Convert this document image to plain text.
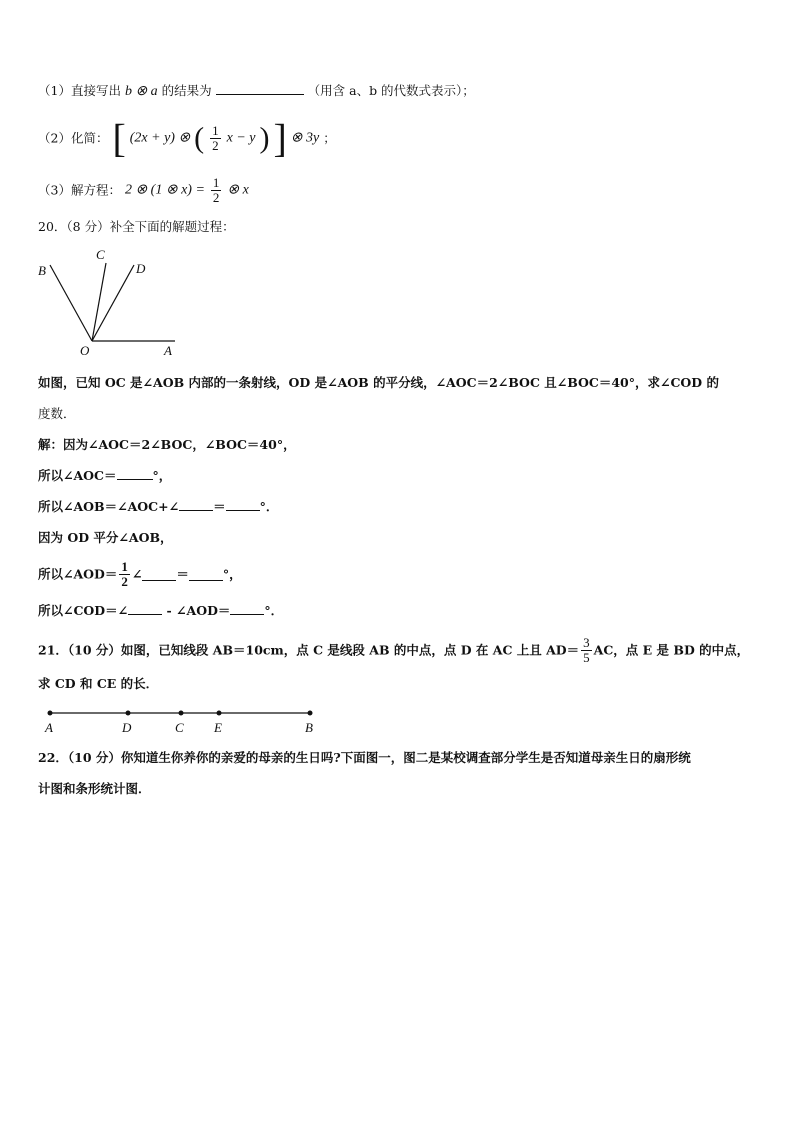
（1）直接写出 b ⊗ a 的结果为	（用含 a、b 的代数式表示）；
（2）化简： [ (2x + y) ⊗ ( $\frac{1}{2}$ x − y ) ] ⊗ 3y ；
（3）解方程： 2 ⊗ (1 ⊗ $x) = \frac{1}{2}$ ⊗ x
20．（8 分）补全下面的解题过程：
B
C
D
O	A
如图，已知 OC 是∠AOB 内部的一条射线，OD 是∠AOB 的平分线，∠AOC＝2∠BOC 且∠BOC＝40°，求∠COD 的
度数．
解：因为∠AOC＝2∠BOC，∠BOC＝40°，
所以∠AOC＝	°，
所以∠AOB＝∠AOC+∠	＝	°．
因为 OD 平分∠AOB，
所以∠AOD＝ $\frac{1}{2}$ ∠	＝	°，
所以∠COD＝∠	- ∠AOD＝	°．
21．（10 分）如图，已知线段 AB＝10cm，点 C 是线段 AB 的中点，点 D 在 AC 上且 $AD= \frac{3}{5}$ AC，点 E 是 BD 的中点，
求 CD 和 CE 的长．
A	D	C E	B
22．（10 分）你知道生你养你的亲爱的母亲的生日吗?下面图一，图二是某校调查部分学生是否知道母亲生日的扇形统
计图和条形统计图．
